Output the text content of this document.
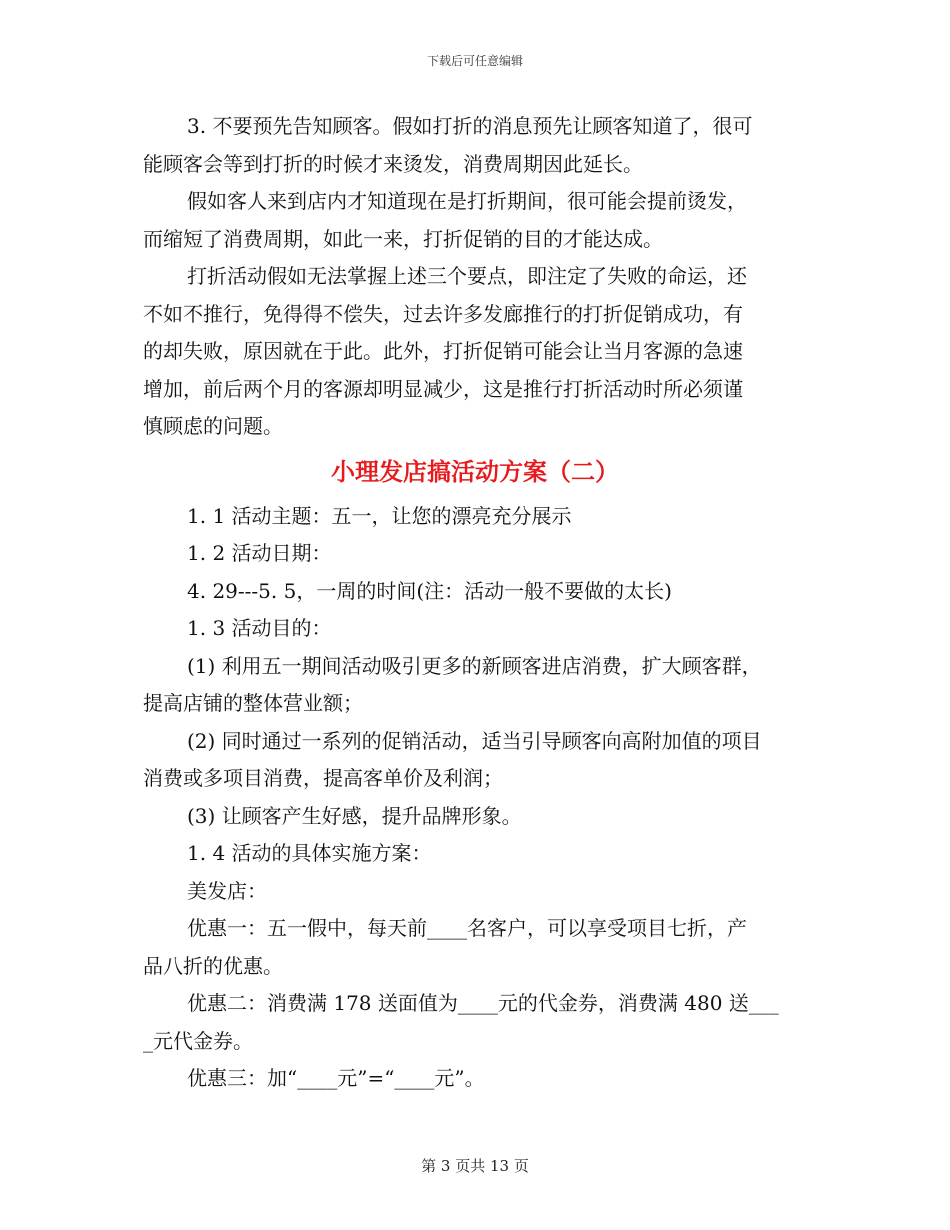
下载后可任意编辑
3. 不要预先告知顾客。假如打折的消息预先让顾客知道了，很可
能顾客会等到打折的时候才来烫发，消费周期因此延长。
假如客人来到店内才知道现在是打折期间，很可能会提前烫发，
而缩短了消费周期，如此一来，打折促销的目的才能达成。
打折活动假如无法掌握上述三个要点，即注定了失败的命运，还
不如不推行，免得得不偿失，过去许多发廊推行的打折促销成功，有
的却失败，原因就在于此。此外，打折促销可能会让当月客源的急速
增加，前后两个月的客源却明显减少，这是推行打折活动时所必须谨
慎顾虑的问题。
小理发店搞活动方案（二）
1. 1 活动主题：五一，让您的漂亮充分展示
1. 2 活动日期：
4. 29---5. 5，一周的时间(注：活动一般不要做的太长)
1. 3 活动目的：
(1) 利用五一期间活动吸引更多的新顾客进店消费，扩大顾客群，
提高店铺的整体营业额；
(2) 同时通过一系列的促销活动，适当引导顾客向高附加值的项目
消费或多项目消费，提高客单价及利润；
(3) 让顾客产生好感，提升品牌形象。
1. 4 活动的具体实施方案：
美发店：
优惠一：五一假中，每天前____名客户，可以享受项目七折，产
品八折的优惠。
优惠二：消费满 178 送面值为____元的代金券，消费满 480 送___
_元代金券。
优惠三：加“____元”=“____元”。
第 3 页共 13 页
